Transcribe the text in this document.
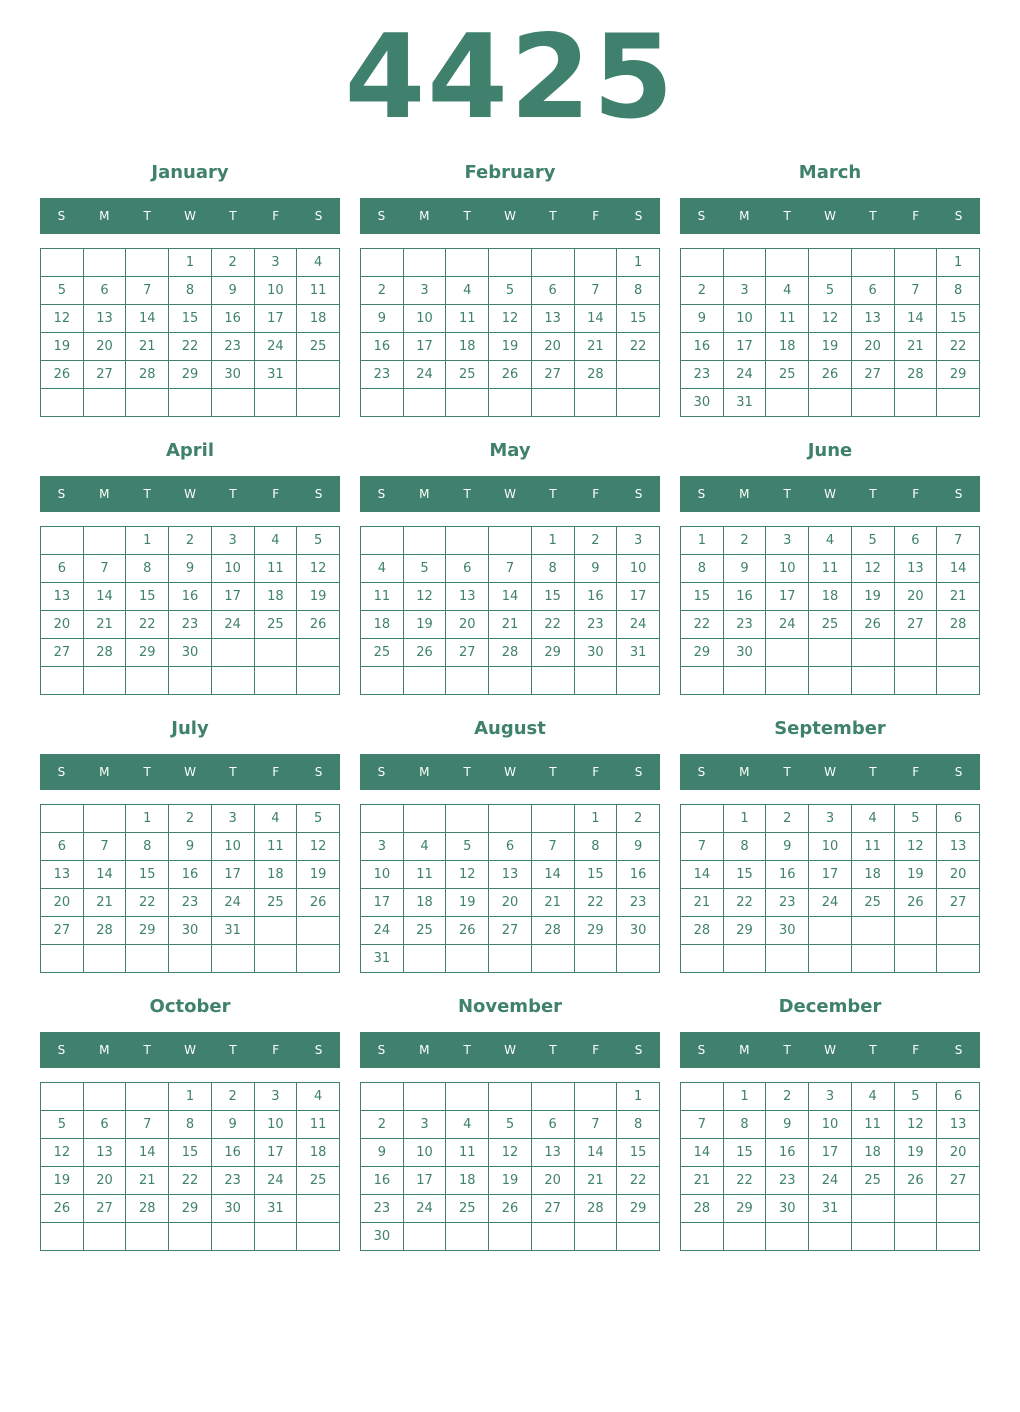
4425
January
S	M	T	W	T	F	S
			1	2	3	4
5	6	7	8	9	10	11
12	13	14	15	16	17	18
19	20	21	22	23	24	25
26	27	28	29	30	31	

February
S	M	T	W	T	F	S
						1
2	3	4	5	6	7	8
9	10	11	12	13	14	15
16	17	18	19	20	21	22
23	24	25	26	27	28	

March
S	M	T	W	T	F	S
						1
2	3	4	5	6	7	8
9	10	11	12	13	14	15
16	17	18	19	20	21	22
23	24	25	26	27	28	29
30	31					
April
S	M	T	W	T	F	S
		1	2	3	4	5
6	7	8	9	10	11	12
13	14	15	16	17	18	19
20	21	22	23	24	25	26
27	28	29	30			

May
S	M	T	W	T	F	S
				1	2	3
4	5	6	7	8	9	10
11	12	13	14	15	16	17
18	19	20	21	22	23	24
25	26	27	28	29	30	31

June
S	M	T	W	T	F	S
1	2	3	4	5	6	7
8	9	10	11	12	13	14
15	16	17	18	19	20	21
22	23	24	25	26	27	28
29	30					

July
S	M	T	W	T	F	S
		1	2	3	4	5
6	7	8	9	10	11	12
13	14	15	16	17	18	19
20	21	22	23	24	25	26
27	28	29	30	31		

August
S	M	T	W	T	F	S
					1	2
3	4	5	6	7	8	9
10	11	12	13	14	15	16
17	18	19	20	21	22	23
24	25	26	27	28	29	30
31						
September
S	M	T	W	T	F	S
	1	2	3	4	5	6
7	8	9	10	11	12	13
14	15	16	17	18	19	20
21	22	23	24	25	26	27
28	29	30				

October
S	M	T	W	T	F	S
			1	2	3	4
5	6	7	8	9	10	11
12	13	14	15	16	17	18
19	20	21	22	23	24	25
26	27	28	29	30	31	

November
S	M	T	W	T	F	S
						1
2	3	4	5	6	7	8
9	10	11	12	13	14	15
16	17	18	19	20	21	22
23	24	25	26	27	28	29
30						
December
S	M	T	W	T	F	S
	1	2	3	4	5	6
7	8	9	10	11	12	13
14	15	16	17	18	19	20
21	22	23	24	25	26	27
28	29	30	31			
